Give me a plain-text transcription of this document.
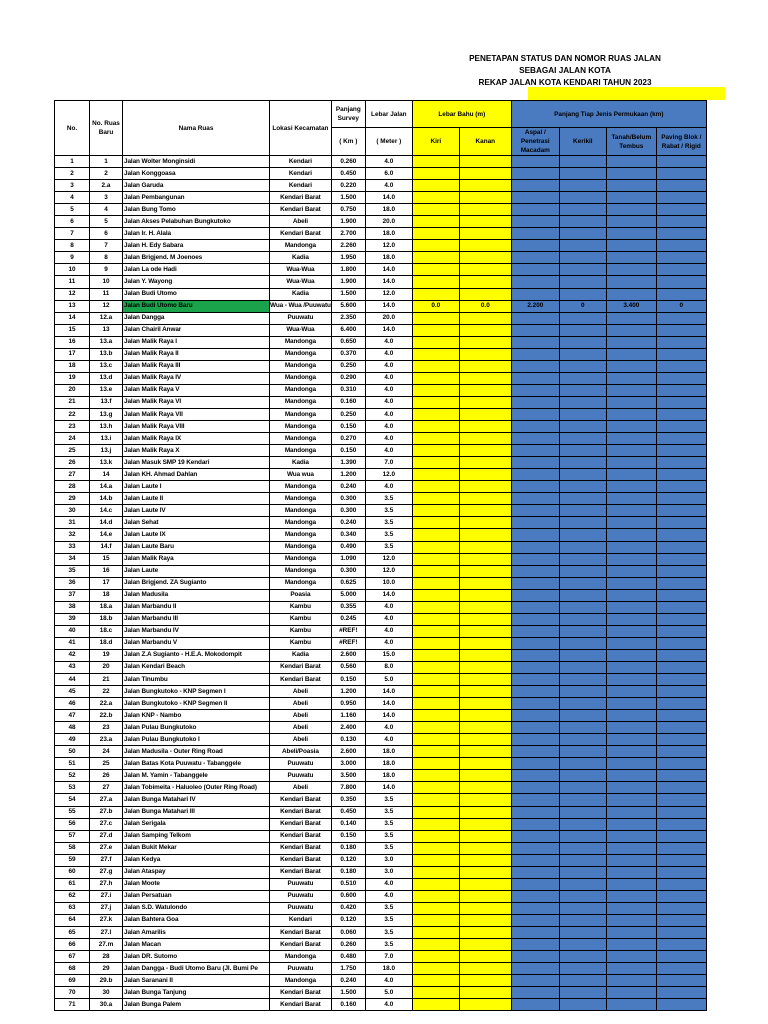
PENETAPAN STATUS DAN NOMOR RUAS JALAN
SEBAGAI JALAN KOTA
REKAP JALAN KOTA KENDARI TAHUN 2023
No.	No. Ruas Baru	Nama Ruas	Lokasi Kecamatan	Panjang Survey	Lebar Jalan	Lebar Bahu (m)		Panjang Tiap Jenis Permukaan (km)			
				( Km )	( Meter )	Kiri	Kanan	Aspal / Penetrasi Macadam	Kerikil	Tanah/Belum Tembus	Paving Blok / Rabat / Rigid
1	1	Jalan Wolter Monginsidi	Kendari	0.260	4.0						
2	2	Jalan Konggoasa	Kendari	0.450	6.0						
3	2.a	Jalan Garuda	Kendari	0.220	4.0						
4	3	Jalan Pembangunan	Kendari Barat	1.500	14.0						
5	4	Jalan Bung Tomo	Kendari Barat	0.750	18.0						
6	5	Jalan Akses Pelabuhan Bungkutoko	Abeli	1.900	20.0						
7	6	Jalan Ir. H. Alala	Kendari Barat	2.700	18.0						
8	7	Jalan H. Edy Sabara	Mandonga	2.260	12.0						
9	8	Jalan Brigjend. M Joenoes	Kadia	1.950	18.0						
10	9	Jalan La ode Hadi	Wua-Wua	1.800	14.0						
11	10	Jalan Y. Wayong	Wua-Wua	1.900	14.0						
12	11	Jalan Budi Utomo	Kadia	1.500	12.0						
13	12	Jalan Budi Utomo Baru	Wua - Wua /Puuwatu	5.600	14.0	0.0	0.0	2.200	0	3.400	0
14	12.a	Jalan Dangga	Puuwatu	2.350	20.0						
15	13	Jalan Chairil Anwar	Wua-Wua	6.400	14.0						
16	13.a	Jalan Malik Raya I	Mandonga	0.650	4.0						
17	13.b	Jalan Malik Raya II	Mandonga	0.370	4.0						
18	13.c	Jalan Malik Raya III	Mandonga	0.250	4.0						
19	13.d	Jalan Malik Raya IV	Mandonga	0.290	4.0						
20	13.e	Jalan Malik Raya V	Mandonga	0.310	4.0						
21	13.f	Jalan Malik Raya VI	Mandonga	0.160	4.0						
22	13.g	Jalan Malik Raya VII	Mandonga	0.250	4.0						
23	13.h	Jalan Malik Raya VIII	Mandonga	0.150	4.0						
24	13.i	Jalan Malik Raya IX	Mandonga	0.270	4.0						
25	13.j	Jalan Malik Raya X	Mandonga	0.150	4.0						
26	13.k	Jalan Masuk SMP 19 Kendari	Kadia	1.390	7.0						
27	14	Jalan KH. Ahmad Dahlan	Wua wua	1.200	12.0						
28	14.a	Jalan Laute I	Mandonga	0.240	4.0						
29	14.b	Jalan Laute II	Mandonga	0.300	3.5						
30	14.c	Jalan Laute IV	Mandonga	0.300	3.5						
31	14.d	Jalan Sehat	Mandonga	0.240	3.5						
32	14.e	Jalan Laute IX	Mandonga	0.340	3.5						
33	14.f	Jalan Laute Baru	Mandonga	0.490	3.5						
34	15	Jalan Malik Raya	Mandonga	1.090	12.0						
35	16	Jalan Laute	Mandonga	0.300	12.0						
36	17	Jalan Brigjend. ZA Sugianto	Mandonga	0.625	10.0						
37	18	Jalan Madusila	Poasia	5.000	14.0						
38	18.a	Jalan Marbandu II	Kambu	0.355	4.0						
39	18.b	Jalan Marbandu III	Kambu	0.245	4.0						
40	18.c	Jalan Marbandu IV	Kambu	#REF!	4.0						
41	18.d	Jalan Marbandu V	Kambu	#REF!	4.0						
42	19	Jalan Z.A Sugianto - H.E.A. Mokodompit	Kadia	2.600	15.0						
43	20	Jalan Kendari Beach	Kendari Barat	0.560	8.0						
44	21	Jalan Tinumbu	Kendari Barat	0.150	5.0						
45	22	Jalan Bungkutoko - KNP Segmen I	Abeli	1.200	14.0						
46	22.a	Jalan Bungkutoko - KNP Segmen II	Abeli	0.950	14.0						
47	22.b	Jalan KNP - Nambo	Abeli	1.160	14.0						
48	23	Jalan Pulau Bungkutoko	Abeli	2.400	4.0						
49	23.a	Jalan Pulau Bungkutoko I	Abeli	0.130	4.0						
50	24	Jalan Madusila - Outer Ring Road	Abeli/Poasia	2.600	18.0						
51	25	Jalan Batas Kota Puuwatu - Tabanggele	Puuwatu	3.000	18.0						
52	26	Jalan M. Yamin - Tabanggele	Puuwatu	3.500	18.0						
53	27	Jalan Tobimeita - Haluoleo (Outer Ring Road)	Abeli	7.800	14.0						
54	27.a	Jalan Bunga Matahari IV	Kendari Barat	0.350	3.5						
55	27.b	Jalan Bunga Matahari III	Kendari Barat	0.450	3.5						
56	27.c	Jalan Serigala	Kendari Barat	0.140	3.5						
57	27.d	Jalan Samping Telkom	Kendari Barat	0.150	3.5						
58	27.e	Jalan Bukit Mekar	Kendari Barat	0.180	3.5						
59	27.f	Jalan Kedya	Kendari Barat	0.120	3.0						
60	27.g	Jalan Ataspay	Kendari Barat	0.180	3.0						
61	27.h	Jalan Moote	Puuwatu	0.510	4.0						
62	27.i	Jalan Persatuan	Puuwatu	0.600	4.0						
63	27.j	Jalan S.D. Watulondo	Puuwatu	0.420	3.5						
64	27.k	Jalan Bahtera Goa	Kendari	0.120	3.5						
65	27.l	Jalan Amarilis	Kendari Barat	0.060	3.5						
66	27.m	Jalan Macan	Kendari Barat	0.260	3.5						
67	28	Jalan DR. Sutomo	Mandonga	0.480	7.0						
68	29	Jalan Dangga - Budi Utomo Baru (Jl. Bumi Pe	Puuwatu	1.750	18.0						
69	29.b	Jalan Saranani II	Mandonga	0.240	4.0						
70	30	Jalan Bunga Tanjung	Kendari Barat	1.500	5.0						
71	30.a	Jalan Bunga Palem	Kendari Barat	0.160	4.0						
